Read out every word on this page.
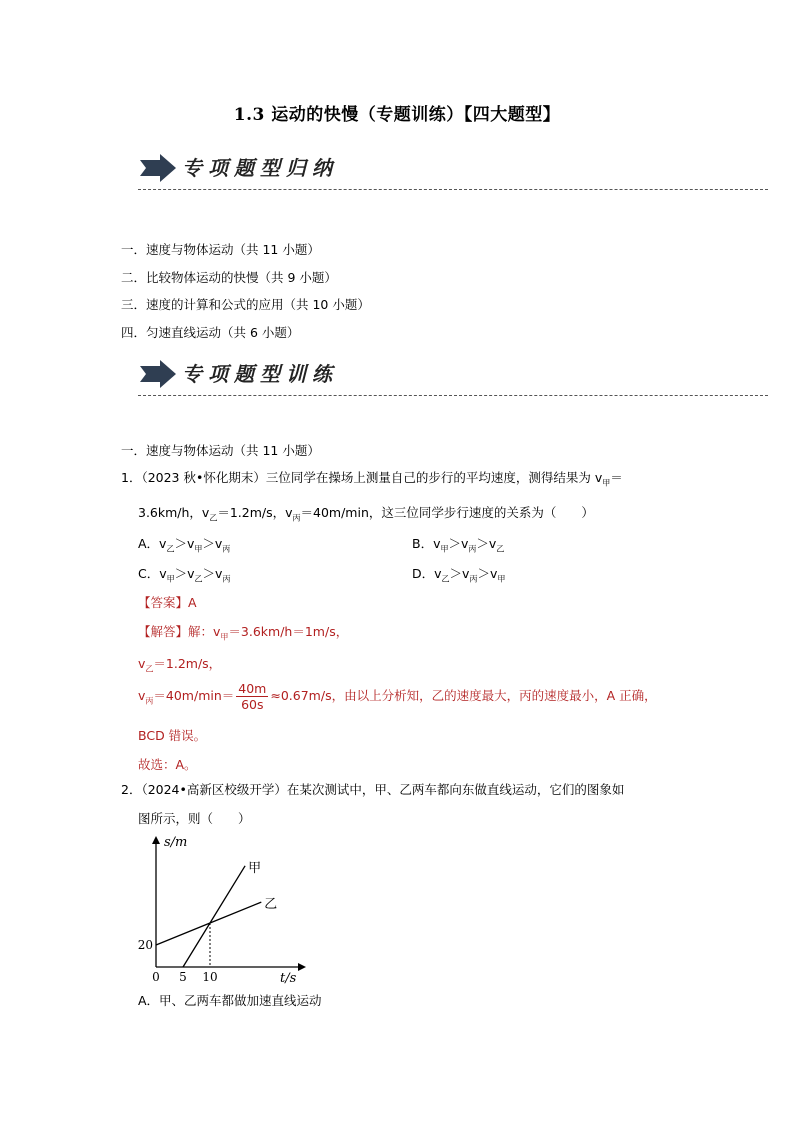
1.3 运动的快慢（专题训练）【四大题型】
专项题型归纳
一．速度与物体运动（共 11 小题）
二．比较物体运动的快慢（共 9 小题）
三．速度的计算和公式的应用（共 10 小题）
四．匀速直线运动（共 6 小题）
专项题型训练
一．速度与物体运动（共 11 小题）
1．（2023 秋•怀化期末）三位同学在操场上测量自己的步行的平均速度，测得结果为 $v_甲=$
3.6km/h，$v_乙=1.2m/s$，$v_丙=40m/\min$，这三位同学步行速度的关系为（　　）
A．$v_乙>v_甲>v_丙$	B．$v_甲>v_丙>v_乙$
C．$v_甲>v_乙>v_丙$	D．$v_乙>v_丙>v_甲$
【答案】A
【解答】解：$v_甲=3.6km/h=1m/s$，
$v_乙=1.2m/s$，
$v_丙=40m/\min= \frac{40m}{60s} \approx 0.67m/s$，由以上分析知，乙的速度最大，丙的速度最小，A 正确，
BCD 错误。
故选：A。
2．（2024•高新区校级开学）在某次测试中，甲、乙两车都向东做直线运动，它们的图象如
图所示，则（　　）
s/m
t/s
0 5 10
20
甲
乙
A．甲、乙两车都做加速直线运动
